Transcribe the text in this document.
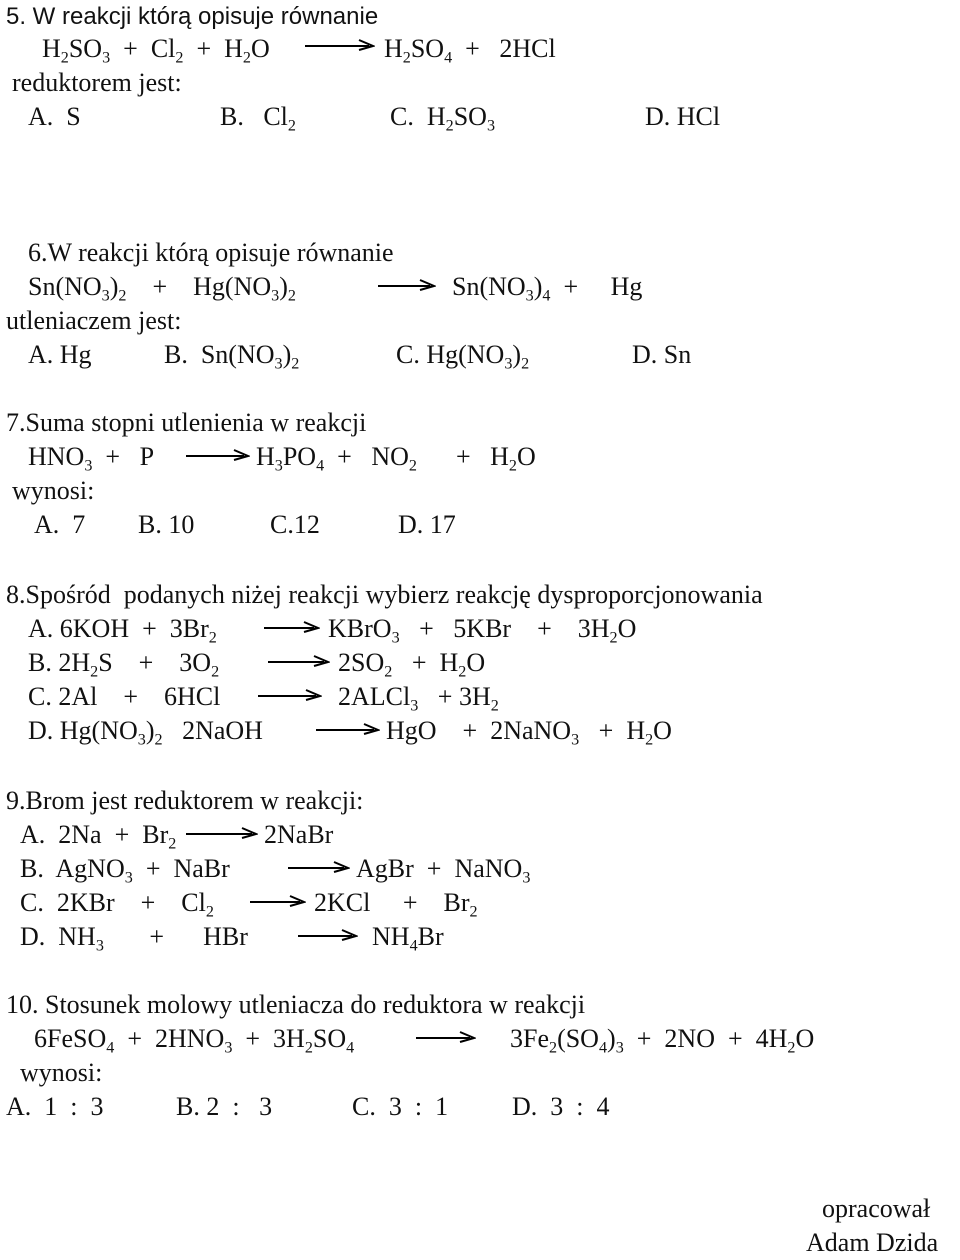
5. W reakcji którą opisuje równanie
$H_2SO_3 + Cl_2 + H_2O \to H_2SO_4 + 2HCl$
reduktorem jest:
A.  S	B.   $Cl_2$	C.  $H_2SO_3$	D. HCl
6.W reakcji którą opisuje równanie
$Sn(NO_3)_2$    +    $Hg(NO_3)_2 \to Sn(NO_3)_4$  +     Hg
utleniaczem jest:
A. Hg	B.  $Sn(NO_3)_2$	C. $Hg(NO_3)_2$	D. Sn
7.Suma stopni utlenienia w reakcji
$HNO_3 + P \to H_3PO_4 + NO_2$      +   $H_2O$
wynosi:
A.  7 B. 10	C.12	D. 17
8.Spośród  podanych niżej reakcji wybierz reakcję dysproporcjonowania
A. $6KOH + 3Br_2$ → KBrO$_3$   +   5KBr    +    $3H_2O$
B. $2H_2S$    +    $3O_2 \to 2SO_2 + H_2O$
C. 2Al    +    6HCl → 2ALCl$_3$   + $3H_2$
D. $Hg(NO_3)_2$   2NaOH → HgO    +  2NaNO$_3$   +  $H_2O$
9.Brom jest reduktorem w reakcji:
A.  $2Na + Br_2$ → 2NaBr
B.  AgNO$_3$  +  NaBr → AgBr  +  NaNO$_3$
C.  2KBr    +    $Cl_2 \to 2KCl$     +    $Br_2$
D.  $NH_3$       +      HBr → $NH_4Br$
10. Stosunek molowy utleniacza do reduktora w reakcji
6FeSO$_4$  +  $2HNO_3 + 3H_2SO_4 \to 3Fe_2(SO_4)_3 + 2NO + 4H_2O$
wynosi:
A.  1  :  3	B. 2  :   3	C.  3  :  1 D.  3  :  4
opracował
Adam Dzida
